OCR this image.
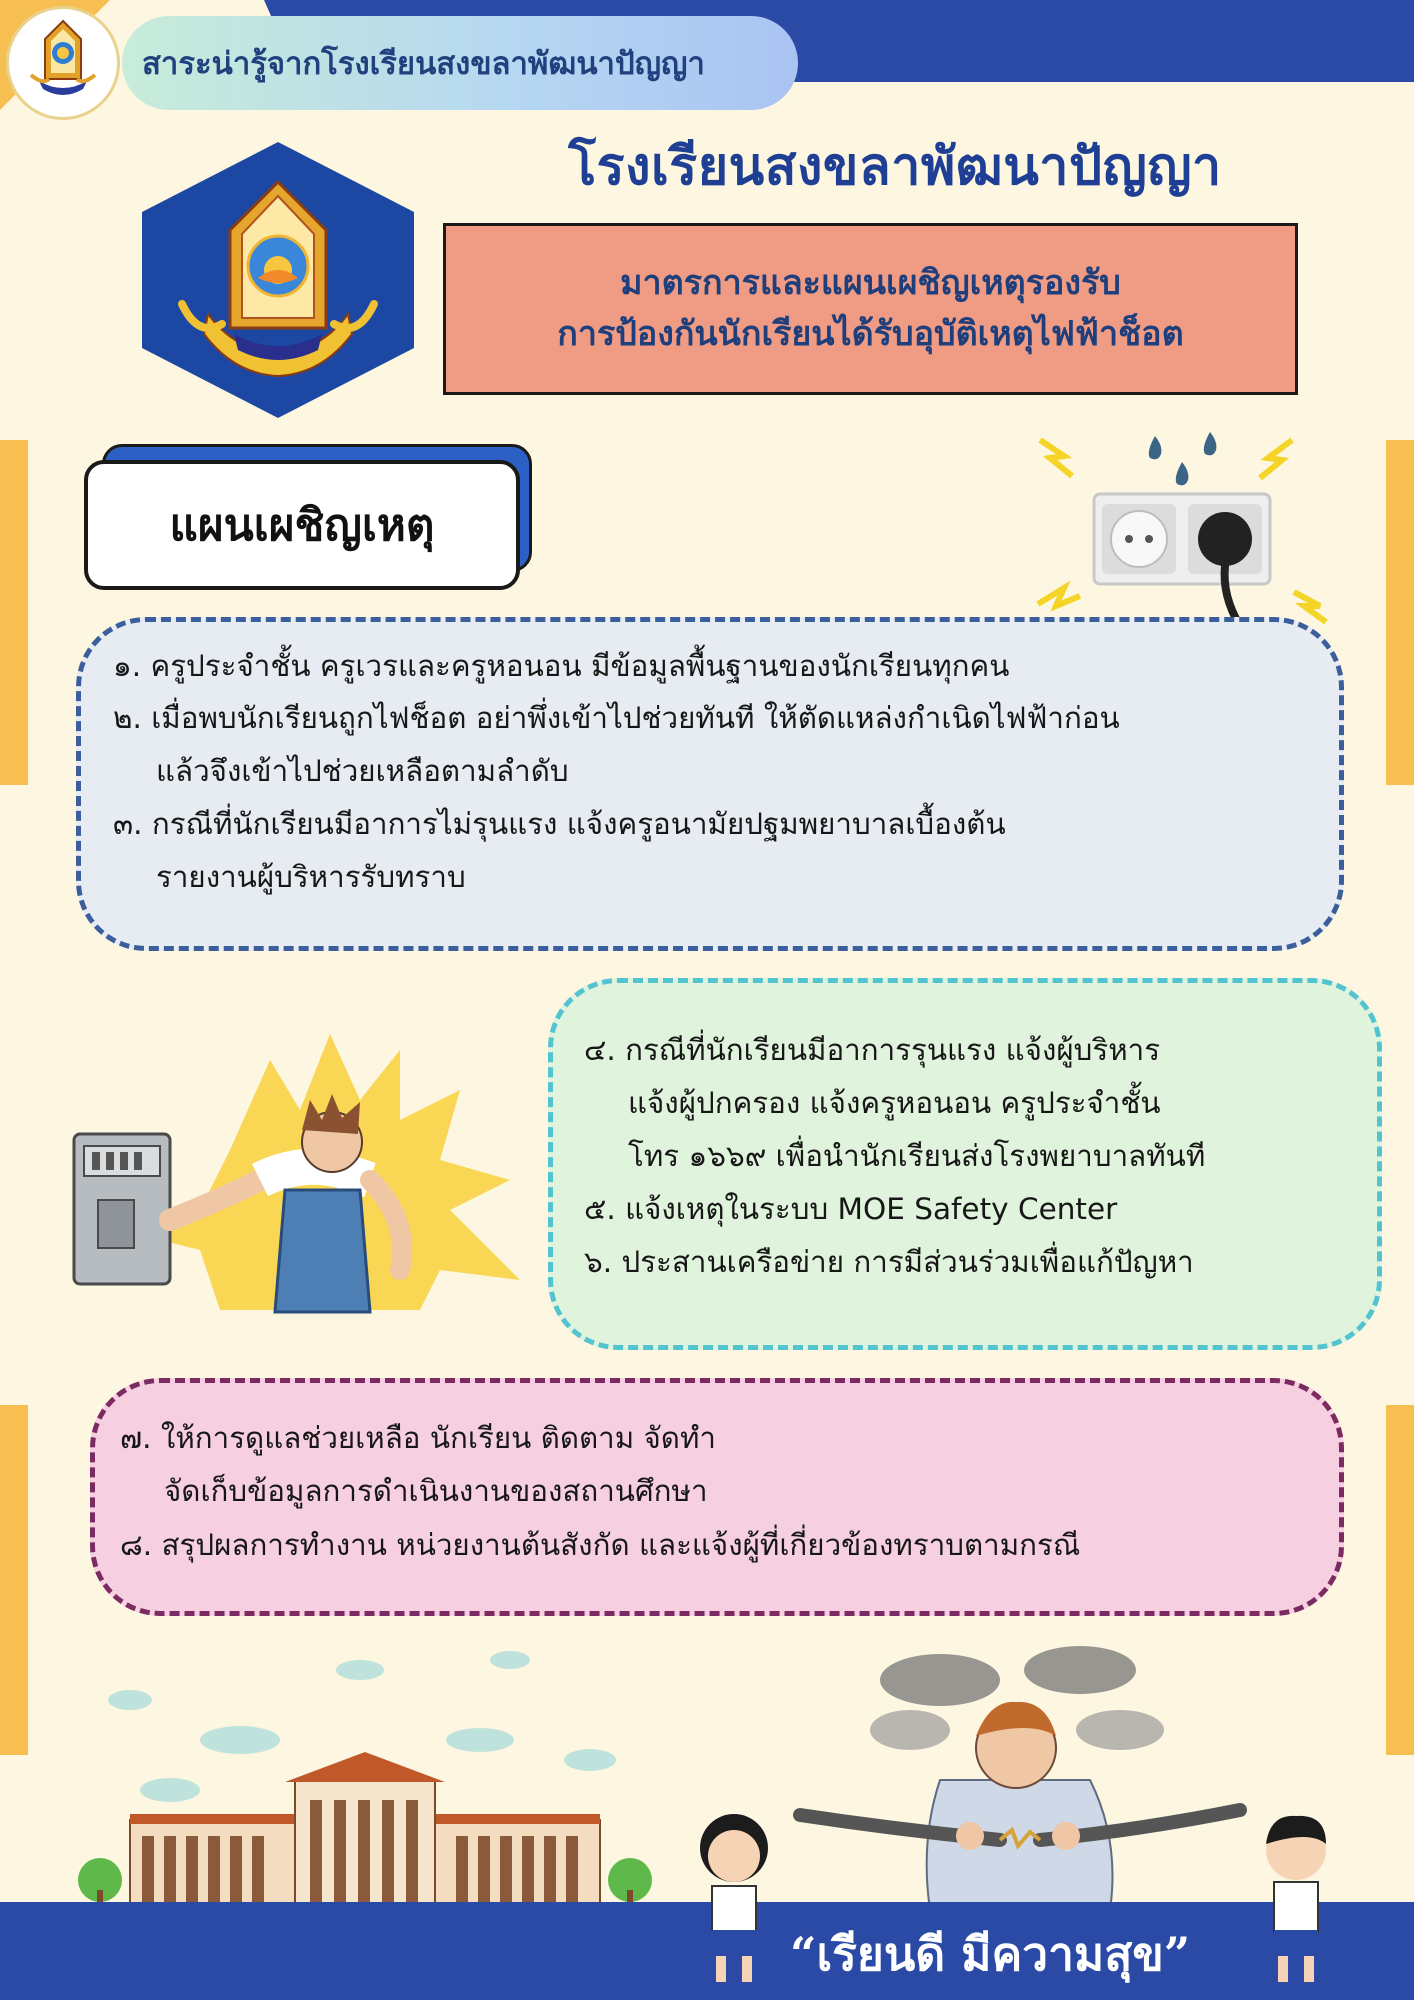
สาระน่ารู้จากโรงเรียนสงขลาพัฒนาปัญญา
โรงเรียนสงขลาพัฒนาปัญญา
มาตรการและแผนเผชิญเหตุรองรับ
การป้องกันนักเรียนได้รับอุบัติเหตุไฟฟ้าช็อต
แผนเผชิญเหตุ
๑. ครูประจำชั้น ครูเวรและครูหอนอน มีข้อมูลพื้นฐานของนักเรียนทุกคน
๒. เมื่อพบนักเรียนถูกไฟช็อต อย่าพึ่งเข้าไปช่วยทันที ให้ตัดแหล่งกำเนิดไฟฟ้าก่อน
แล้วจึงเข้าไปช่วยเหลือตามลำดับ
๓. กรณีที่นักเรียนมีอาการไม่รุนแรง แจ้งครูอนามัยปฐมพยาบาลเบื้องต้น
รายงานผู้บริหารรับทราบ
๔. กรณีที่นักเรียนมีอาการรุนแรง แจ้งผู้บริหาร
แจ้งผู้ปกครอง แจ้งครูหอนอน ครูประจำชั้น
โทร ๑๖๖๙ เพื่อนำนักเรียนส่งโรงพยาบาลทันที
๕. แจ้งเหตุในระบบ MOE Safety Center
๖. ประสานเครือข่าย การมีส่วนร่วมเพื่อแก้ปัญหา
๗. ให้การดูแลช่วยเหลือ นักเรียน ติดตาม จัดทำ
จัดเก็บข้อมูลการดำเนินงานของสถานศึกษา
๘. สรุปผลการทำงาน หน่วยงานต้นสังกัด และแจ้งผู้ที่เกี่ยวข้องทราบตามกรณี
“เรียนดี มีความสุข”
